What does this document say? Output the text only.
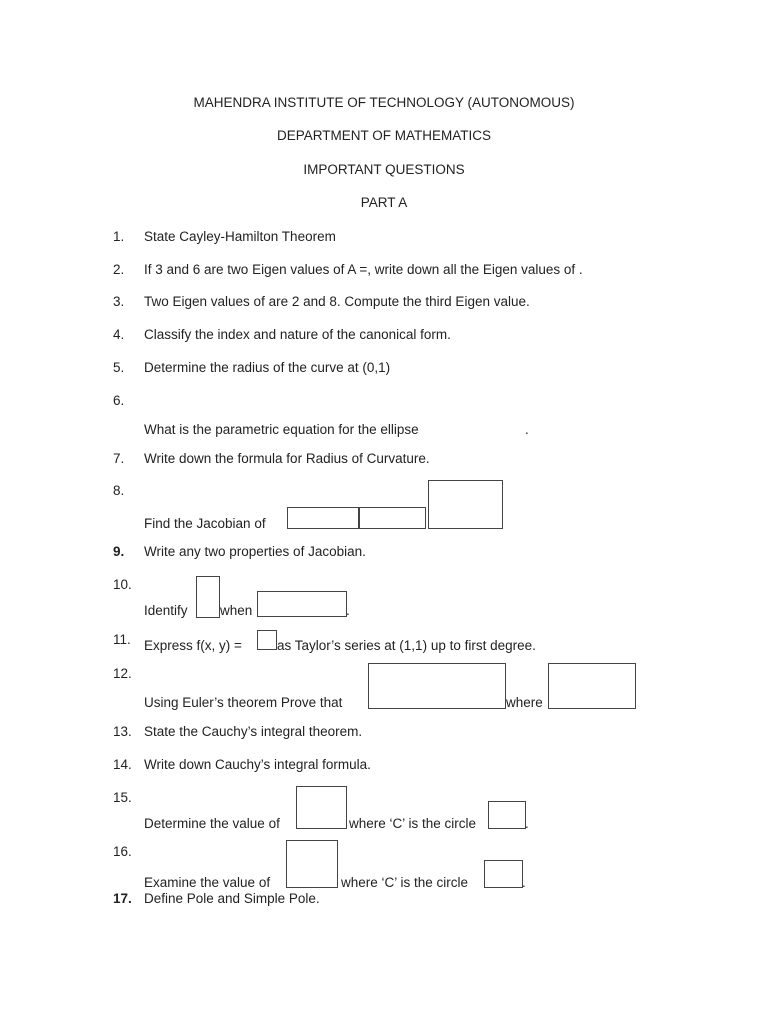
MAHENDRA INSTITUTE OF TECHNOLOGY (AUTONOMOUS)
DEPARTMENT OF MATHEMATICS
IMPORTANT QUESTIONS
PART A
1. State Cayley-Hamilton Theorem
2. If 3 and 6 are two Eigen values of A =, write down all the Eigen values of .
3. Two Eigen values of are 2 and 8. Compute the third Eigen value.
4. Classify the index and nature of the canonical form.
5. Determine the radius of the curve at (0,1)
6.
What is the parametric equation for the ellipse	.
7. Write down the formula for Radius of Curvature.
8.
Find the Jacobian of
9. Write any two properties of Jacobian.
10.
Identify when	.
11. Express f(x, y) =	as Taylor’s series at (1,1) up to first degree.
12.
Using Euler’s theorem Prove that	where
13. State the Cauchy’s integral theorem.
14. Write down Cauchy’s integral formula.
15.
Determine the value of	where ‘C’ is the circle	.
16.
Examine the value of	where ‘C’ is the circle	.
17. Define Pole and Simple Pole.
